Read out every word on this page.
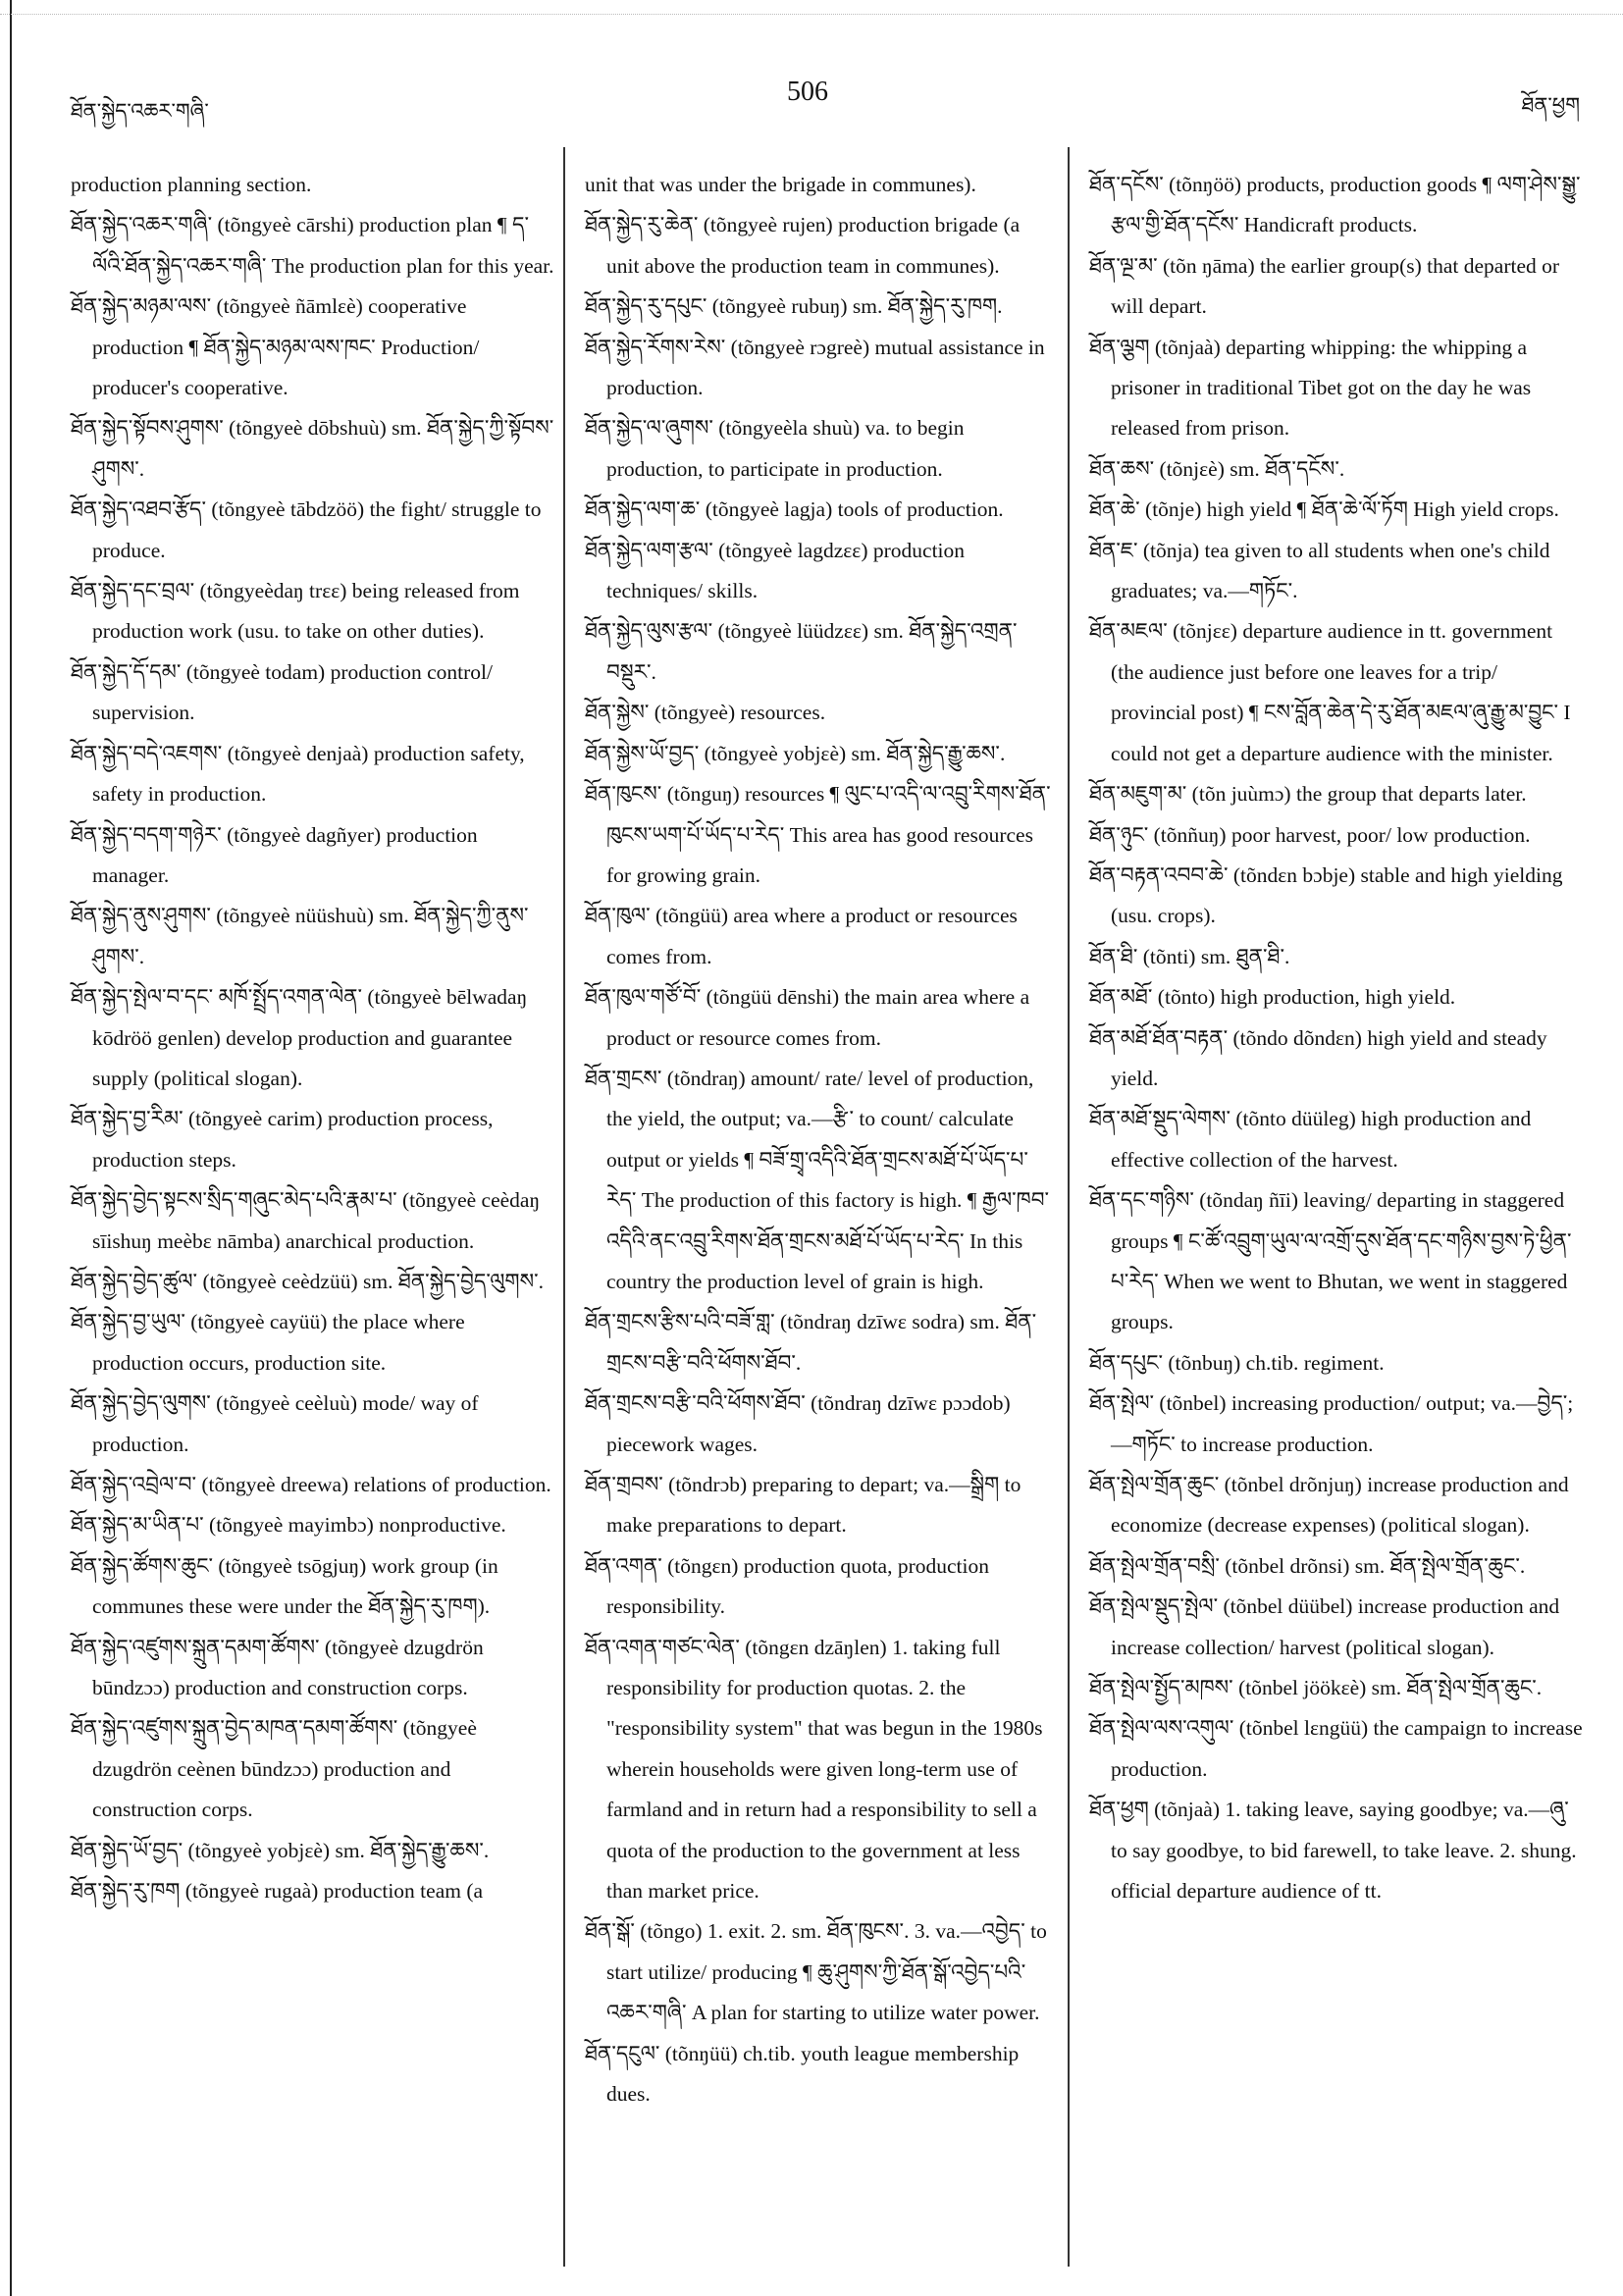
ཐོན་སྐྱེད་འཆར་གཞི་
506	ཐོན་ཕྱག
production planning section.
ཐོན་སྐྱེད་འཆར་གཞི་ (tõngyeè cārshi) production plan ¶ ད་ལོའི་ཐོན་སྐྱེད་འཆར་གཞི་ The production plan for this year.
ཐོན་སྐྱེད་མཉམ་ལས་ (tõngyeè ñāmlɛè) cooperative production ¶ ཐོན་སྐྱེད་མཉམ་ལས་ཁང་ Production/ producer's cooperative.
ཐོན་སྐྱེད་སྟོབས་ཤུགས་ (tõngyeè dōbshuù) sm. ཐོན་སྐྱེད་ཀྱི་སྟོབས་ཤུགས་.
ཐོན་སྐྱེད་འཐབ་རྩོད་ (tõngyeè tābdzöö) the fight/ struggle to produce.
ཐོན་སྐྱེད་དང་བྲལ་ (tõngyeèdaŋ trɛɛ) being released from production work (usu. to take on other duties).
ཐོན་སྐྱེད་དོ་དམ་ (tõngyeè todam) production control/ supervision.
ཐོན་སྐྱེད་བདེ་འཇགས་ (tõngyeè denjaà) production safety, safety in production.
ཐོན་སྐྱེད་བདག་གཉེར་ (tõngyeè dagñyer) production manager.
ཐོན་སྐྱེད་ནུས་ཤུགས་ (tõngyeè nüüshuù) sm. ཐོན་སྐྱེད་ཀྱི་ནུས་ཤུགས་.
ཐོན་སྐྱེད་སྤེལ་བ་དང་ མཁོ་སྤྲོད་འགན་ལེན་ (tõngyeè bēlwadaŋ kōdröö genlen) develop production and guarantee supply (political slogan).
ཐོན་སྐྱེད་བྱ་རིམ་ (tõngyeè carim) production process, production steps.
ཐོན་སྐྱེད་བྱེད་སྟངས་སྲིད་གཞུང་མེད་པའི་རྣམ་པ་ (tõngyeè ceèdaŋ sīishuŋ meèbɛ nāmba) anarchical production.
ཐོན་སྐྱེད་བྱེད་ཚུལ་ (tõngyeè ceèdzüü) sm. ཐོན་སྐྱེད་བྱེད་ལུགས་.
ཐོན་སྐྱེད་བྱ་ཡུལ་ (tõngyeè cayüü) the place where production occurs, production site.
ཐོན་སྐྱེད་བྱེད་ལུགས་ (tõngyeè ceèluù) mode/ way of production.
ཐོན་སྐྱེད་འབྲེལ་བ་ (tõngyeè dreewa) relations of production.
ཐོན་སྐྱེད་མ་ཡིན་པ་ (tõngyeè mayimbɔ) nonproductive.
ཐོན་སྐྱེད་ཚོགས་ཆུང་ (tõngyeè tsōgjuŋ) work group (in communes these were under the ཐོན་སྐྱེད་རུ་ཁག).
ཐོན་སྐྱེད་འཛུགས་སྐྲུན་དམག་ཚོགས་ (tõngyeè dzugdrön būndzɔɔ) production and construction corps.
ཐོན་སྐྱེད་འཛུགས་སྐྲུན་བྱེད་མཁན་དམག་ཚོགས་ (tõngyeè dzugdrön ceènen būndzɔɔ) production and construction corps.
ཐོན་སྐྱེད་ཡོ་བྱད་ (tõngyeè yobjɛè) sm. ཐོན་སྐྱེད་རྒྱུ་ཆས་.
ཐོན་སྐྱེད་རུ་ཁག (tõngyeè rugaà) production team (a
unit that was under the brigade in communes).
ཐོན་སྐྱེད་རུ་ཆེན་ (tõngyeè rujen) production brigade (a unit above the production team in communes).
ཐོན་སྐྱེད་རུ་དཔུང་ (tõngyeè rubuŋ) sm. ཐོན་སྐྱེད་རུ་ཁག.
ཐོན་སྐྱེད་རོགས་རེས་ (tõngyeè rɔgreè) mutual assistance in production.
ཐོན་སྐྱེད་ལ་ཞུགས་ (tõngyeèla shuù) va. to begin production, to participate in production.
ཐོན་སྐྱེད་ལག་ཆ་ (tõngyeè lagja) tools of production.
ཐོན་སྐྱེད་ལག་རྩལ་ (tõngyeè lagdzɛɛ) production techniques/ skills.
ཐོན་སྐྱེད་ལུས་རྩལ་ (tõngyeè lüüdzɛɛ) sm. ཐོན་སྐྱེད་འགྲན་བསྡུར་.
ཐོན་སྐྱེས་ (tõngyeè) resources.
ཐོན་སྐྱེས་ཡོ་བྱད་ (tõngyeè yobjɛè) sm. ཐོན་སྐྱེད་རྒྱུ་ཆས་.
ཐོན་ཁུངས་ (tõnguŋ) resources ¶ ལུང་པ་འདི་ལ་འབྲུ་རིགས་ཐོན་ཁུངས་ཡག་པོ་ཡོད་པ་རེད་ This area has good resources for growing grain.
ཐོན་ཁུལ་ (tõngüü) area where a product or resources comes from.
ཐོན་ཁུལ་གཙོ་བོ་ (tõngüü dēnshi) the main area where a product or resource comes from.
ཐོན་གྲངས་ (tõndraŋ) amount/ rate/ level of production, the yield, the output; va.—རྩི་ to count/ calculate output or yields ¶ བཟོ་གྲྭ་འདིའི་ཐོན་གྲངས་མཐོ་པོ་ཡོད་པ་རེད་ The production of this factory is high. ¶ རྒྱལ་ཁབ་འདིའི་ནང་འབྲུ་རིགས་ཐོན་གྲངས་མཐོ་པོ་ཡོད་པ་རེད་ In this country the production level of grain is high.
ཐོན་གྲངས་རྩིས་པའི་བཟོ་གླ་ (tõndraŋ dzīwɛ sodra) sm. ཐོན་གྲངས་བརྩི་བའི་ཕོགས་ཐོབ་.
ཐོན་གྲངས་བརྩི་བའི་ཕོགས་ཐོབ་ (tõndraŋ dzīwɛ pɔɔdob) piecework wages.
ཐོན་གྲབས་ (tõndrɔb) preparing to depart; va.—སྒྲིག to make preparations to depart.
ཐོན་འགན་ (tõngɛn) production quota, production responsibility.
ཐོན་འགན་གཙང་ལེན་ (tõngɛn dzāŋlen) 1. taking full responsibility for production quotas. 2. the "responsibility system" that was begun in the 1980s wherein households were given long-term use of farmland and in return had a responsibility to sell a quota of the production to the government at less than market price.
ཐོན་སྒོ་ (tõngo) 1. exit. 2. sm. ཐོན་ཁུངས་. 3. va.—འབྱེད་ to start utilize/ producing ¶ ཆུ་ཤུགས་ཀྱི་ཐོན་སྒོ་འབྱེད་པའི་འཆར་གཞི་ A plan for starting to utilize water power.
ཐོན་དངུལ་ (tõnŋüü) ch.tib. youth league membership dues.
ཐོན་དངོས་ (tõnŋöö) products, production goods ¶ ལག་ཤེས་སྒྱུ་རྩལ་གྱི་ཐོན་དངོས་ Handicraft products.
ཐོན་ལྔ་མ་ (tõn ŋāma) the earlier group(s) that departed or will depart.
ཐོན་ལྕག (tõnjaà) departing whipping: the whipping a prisoner in traditional Tibet got on the day he was released from prison.
ཐོན་ཆས་ (tõnjɛè) sm. ཐོན་དངོས་.
ཐོན་ཆེ་ (tõnje) high yield ¶ ཐོན་ཆེ་ལོ་ཏོག High yield crops.
ཐོན་ཇ་ (tõnja) tea given to all students when one's child graduates; va.—གཏོང་.
ཐོན་མཇལ་ (tõnjɛɛ) departure audience in tt. government (the audience just before one leaves for a trip/ provincial post) ¶ ངས་བློན་ཆེན་དེ་རུ་ཐོན་མཇལ་ཞུ་རྒྱུ་མ་བྱུང་ I could not get a departure audience with the minister.
ཐོན་མཇུག་མ་ (tõn juùmɔ) the group that departs later.
ཐོན་ཉུང་ (tõnñuŋ) poor harvest, poor/ low production.
ཐོན་བརྟན་འབབ་ཆེ་ (tõndɛn bɔbje) stable and high yielding (usu. crops).
ཐོན་ཐི་ (tõnti) sm. ཐུན་ཐི་.
ཐོན་མཐོ་ (tõnto) high production, high yield.
ཐོན་མཐོ་ཐོན་བརྟན་ (tõndo dõndɛn) high yield and steady yield.
ཐོན་མཐོ་སྡུད་ལེགས་ (tõnto düüleg) high production and effective collection of the harvest.
ཐོན་དང་གཉིས་ (tõndaŋ ñīi) leaving/ departing in staggered groups ¶ ང་ཚོ་འབྲུག་ཡུལ་ལ་འགྲོ་དུས་ཐོན་དང་གཉིས་བྱས་ཏེ་ཕྱིན་པ་རེད་ When we went to Bhutan, we went in staggered groups.
ཐོན་དཔུང་ (tõnbuŋ) ch.tib. regiment.
ཐོན་སྤེལ་ (tõnbel) increasing production/ output; va.—བྱེད་; —གཏོང་ to increase production.
ཐོན་སྤེལ་གྲོན་ཆུང་ (tõnbel drõnjuŋ) increase production and economize (decrease expenses) (political slogan).
ཐོན་སྤེལ་གྲོན་བསྲི་ (tõnbel drõnsi) sm. ཐོན་སྤེལ་གྲོན་ཆུང་.
ཐོན་སྤེལ་སྡུད་སྤེལ་ (tõnbel düübel) increase production and increase collection/ harvest (political slogan).
ཐོན་སྤེལ་སྤྱོད་མཁས་ (tõnbel jöökɛè) sm. ཐོན་སྤེལ་གྲོན་ཆུང་.
ཐོན་སྤེལ་ལས་འགུལ་ (tõnbel lɛngüü) the campaign to increase production.
ཐོན་ཕྱག (tõnjaà) 1. taking leave, saying goodbye; va.—ཞུ་ to say goodbye, to bid farewell, to take leave. 2. shung. official departure audience of tt.
